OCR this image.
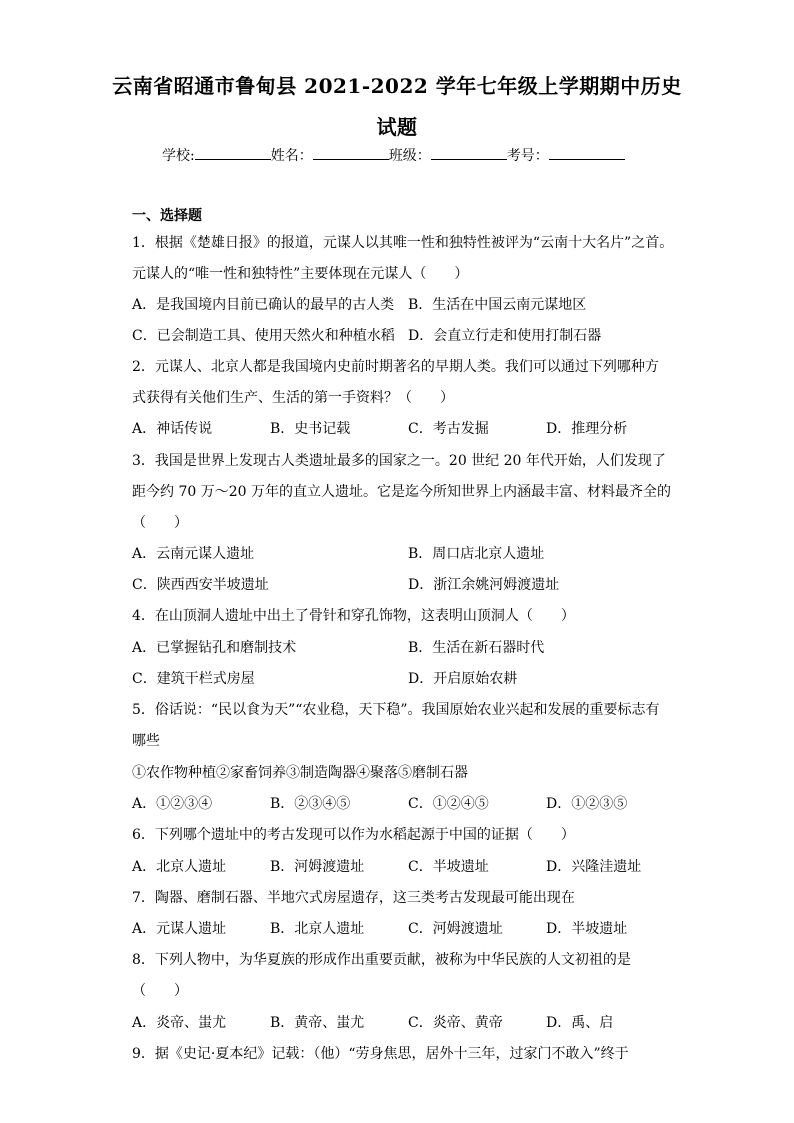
云南省昭通市鲁甸县 2021-2022 学年七年级上学期期中历史
试题
学校:	姓名：	班级：	考号：
一、选择题
1．根据《楚雄日报》的报道，元谋人以其唯一性和独特性被评为“云南十大名片”之首。
元谋人的“唯一性和独特性”主要体现在元谋人（　　）
A．是我国境内目前已确认的最早的古人类 B．生活在中国云南元谋地区
C．已会制造工具、使用天然火和种植水稻 D．会直立行走和使用打制石器
2．元谋人、北京人都是我国境内史前时期著名的早期人类。我们可以通过下列哪种方
式获得有关他们生产、生活的第一手资料？（　　）
A．神话传说	B．史书记载	C．考古发掘	D．推理分析
3．我国是世界上发现古人类遗址最多的国家之一。20 世纪 20 年代开始，人们发现了
距今约 70 万～20 万年的直立人遗址。它是迄今所知世界上内涵最丰富、材料最齐全的
（　　）
A．云南元谋人遗址	B．周口店北京人遗址
C．陕西西安半坡遗址	D．浙江余姚河姆渡遗址
4．在山顶洞人遗址中出土了骨针和穿孔饰物，这表明山顶洞人（　　）
A．已掌握钻孔和磨制技术	B．生活在新石器时代
C．建筑干栏式房屋	D．开启原始农耕
5．俗话说：“民以食为天”“农业稳，天下稳”。我国原始农业兴起和发展的重要标志有
哪些
①农作物种植②家畜饲养③制造陶器④聚落⑤磨制石器
A．①②③④	B．②③④⑤	C．①②④⑤	D．①②③⑤
6．下列哪个遗址中的考古发现可以作为水稻起源于中国的证据（　　）
A．北京人遗址	B．河姆渡遗址	C．半坡遗址	D．兴隆洼遗址
7．陶器、磨制石器、半地穴式房屋遗存，这三类考古发现最可能出现在
A．元谋人遗址	B．北京人遗址	C．河姆渡遗址	D．半坡遗址
8．下列人物中，为华夏族的形成作出重要贡献，被称为中华民族的人文初祖的是
（　　）
A．炎帝、蚩尤	B．黄帝、蚩尤	C．炎帝、黄帝	D．禹、启
9．据《史记·夏本纪》记载：（他）“劳身焦思，居外十三年，过家门不敢入”终于
